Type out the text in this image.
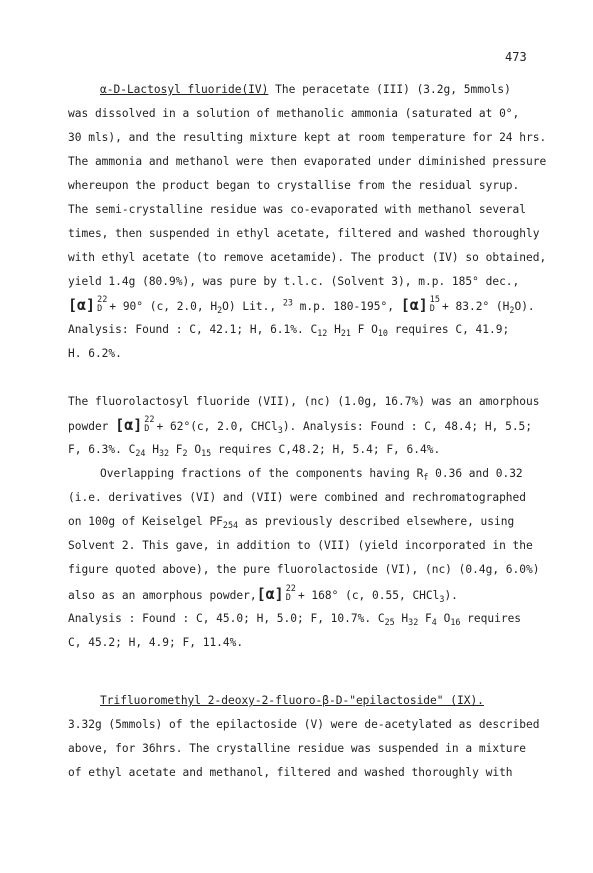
473
α-D-Lactosyl fluoride(IV) The peracetate (III) (3.2g, 5mmols)
was dissolved in a solution of methanolic ammonia (saturated at 0°,
30 mls), and the resulting mixture kept at room temperature for 24 hrs.
The ammonia and methanol were then evaporated under diminished pressure
whereupon the product began to crystallise from the residual syrup.
The semi-crystalline residue was co-evaporated with methanol several
times, then suspended in ethyl acetate, filtered and washed thoroughly
with ethyl acetate (to remove acetamide). The product (IV) so obtained,
yield 1.4g (80.9%), was pure by t.l.c. (Solvent 3), m.p. 185° dec.,
[α] 22
D + 90° (c, 2.0, $H_2O$) Lit., $^{23}$ m.p. 180-195°, [α] 15
D + 83.2° $(H_2O)$.
Analysis: Found : C, 42.1; H, 6.1%. $C_{12}$ $H_{21}$ F $O_{10}$ requires C, 41.9;
H. 6.2%.
The fluorolactosyl fluoride (VII), (nc) (1.0g, 16.7%) was an amorphous
powder [α] 22
D + 62°(c, 2.0, CHCl$_3$). Analysis: Found : C, 48.4; H, 5.5;
F, 6.3%. $C_{24}$ $H_{32}$ $F_2$ $O_{15}$ requires C,48.2; H, 5.4; F, 6.4%.
Overlapping fractions of the components having $R_f$ 0.36 and 0.32
(i.e. derivatives (VI) and (VII) were combined and rechromatographed
on 100g of Keiselgel $PF_{254}$ as previously described elsewhere, using
Solvent 2. This gave, in addition to (VII) (yield incorporated in the
figure quoted above), the pure fluorolactoside (VI), (nc) (0.4g, 6.0%)
also as an amorphous powder, [α] 22
D + 168° (c, 0.55, CHCl$_3$).
Analysis : Found : C, 45.0; H, 5.0; F, 10.7%. $C_{25}$ $H_{32}$ $F_4$ $O_{16}$ requires
C, 45.2; H, 4.9; F, 11.4%.
Trifluoromethyl 2-deoxy-2-fluoro-β-D-"epilactoside" (IX).
3.32g (5mmols) of the epilactoside (V) were de-acetylated as described
above, for 36hrs. The crystalline residue was suspended in a mixture
of ethyl acetate and methanol, filtered and washed thoroughly with
